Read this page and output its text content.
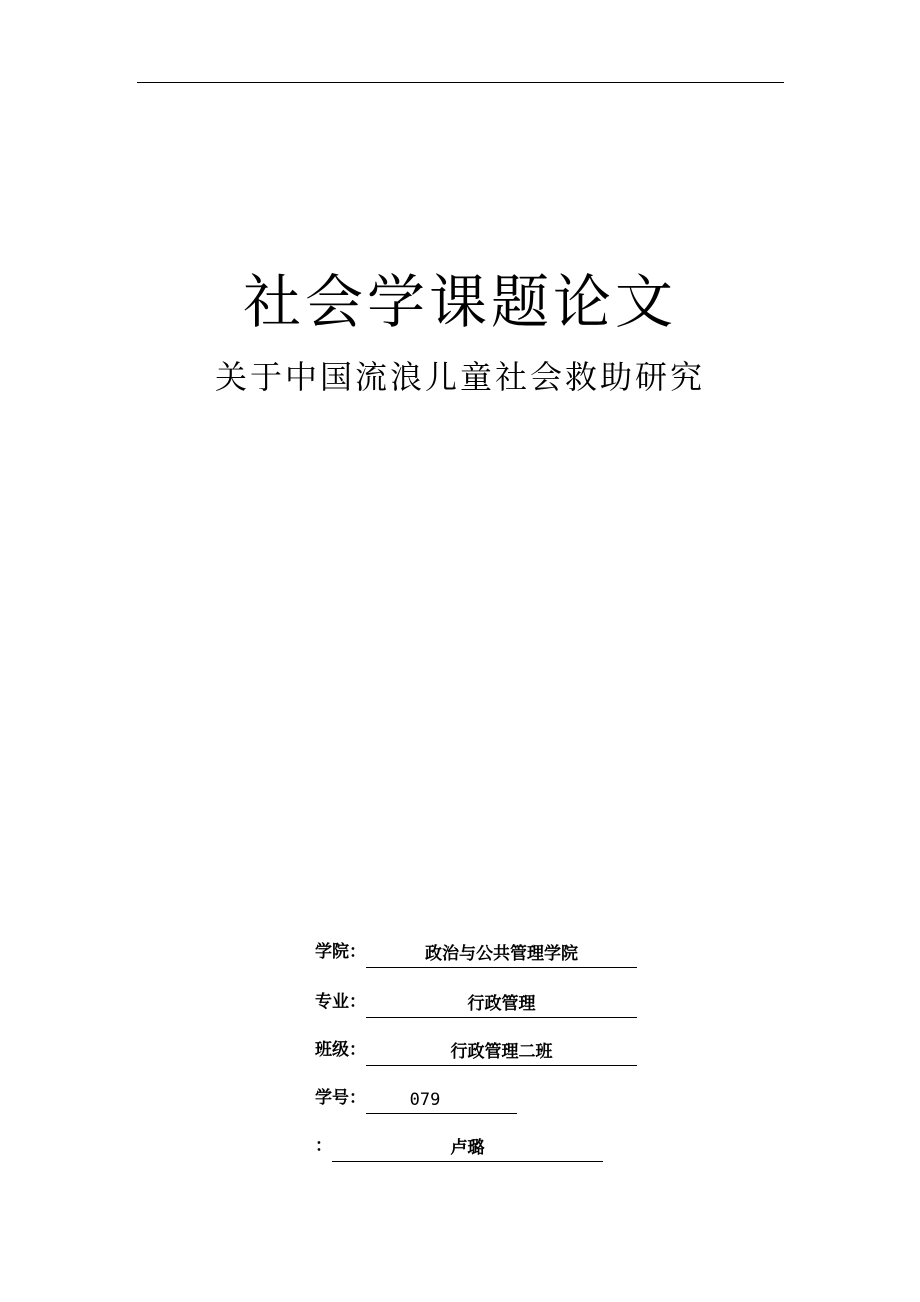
社会学课题论文
关于中国流浪儿童社会救助研究
学院：	政治与公共管理学院
专业：	行政管理
班级：	行政管理二班
学号：	079
：	卢璐
